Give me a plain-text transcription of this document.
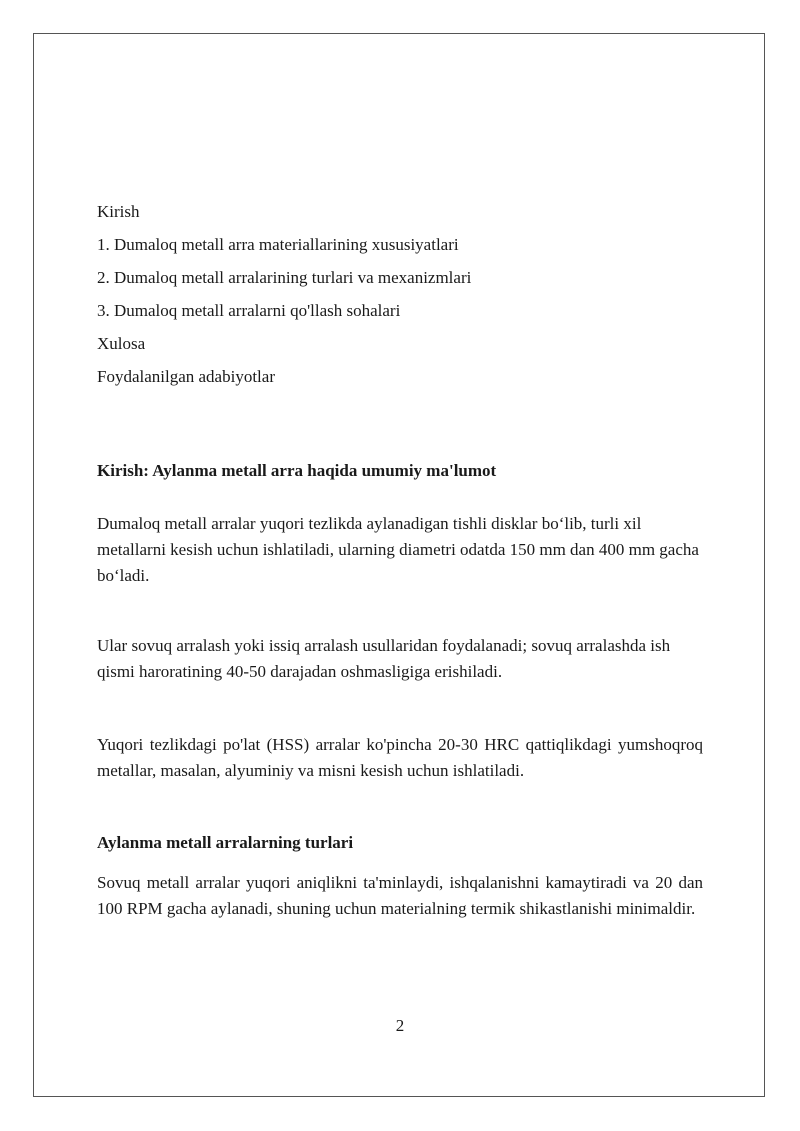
Kirish
1. Dumaloq metall arra materiallarining xususiyatlari
2. Dumaloq metall arralarining turlari va mexanizmlari
3. Dumaloq metall arralarni qo'llash sohalari
Xulosa
Foydalanilgan adabiyotlar
Kirish: Aylanma metall arra haqida umumiy ma'lumot

Dumaloq metall arralar yuqori tezlikda aylanadigan tishli disklar bo‘lib, turli xil metallarni kesish uchun ishlatiladi, ularning diametri odatda 150 mm dan 400 mm gacha bo‘ladi.

Ular sovuq arralash yoki issiq arralash usullaridan foydalanadi; sovuq arralashda ish qismi haroratining 40-50 darajadan oshmasligiga erishiladi.

Yuqori tezlikdagi po'lat (HSS) arralar ko'pincha 20-30 HRC qattiqlikdagi yumshoqroq metallar, masalan, alyuminiy va misni kesish uchun ishlatiladi.

Aylanma metall arralarning turlari

Sovuq metall arralar yuqori aniqlikni ta'minlaydi, ishqalanishni kamaytiradi va 20 dan 100 RPM gacha aylanadi, shuning uchun materialning termik shikastlanishi minimaldir.

2
